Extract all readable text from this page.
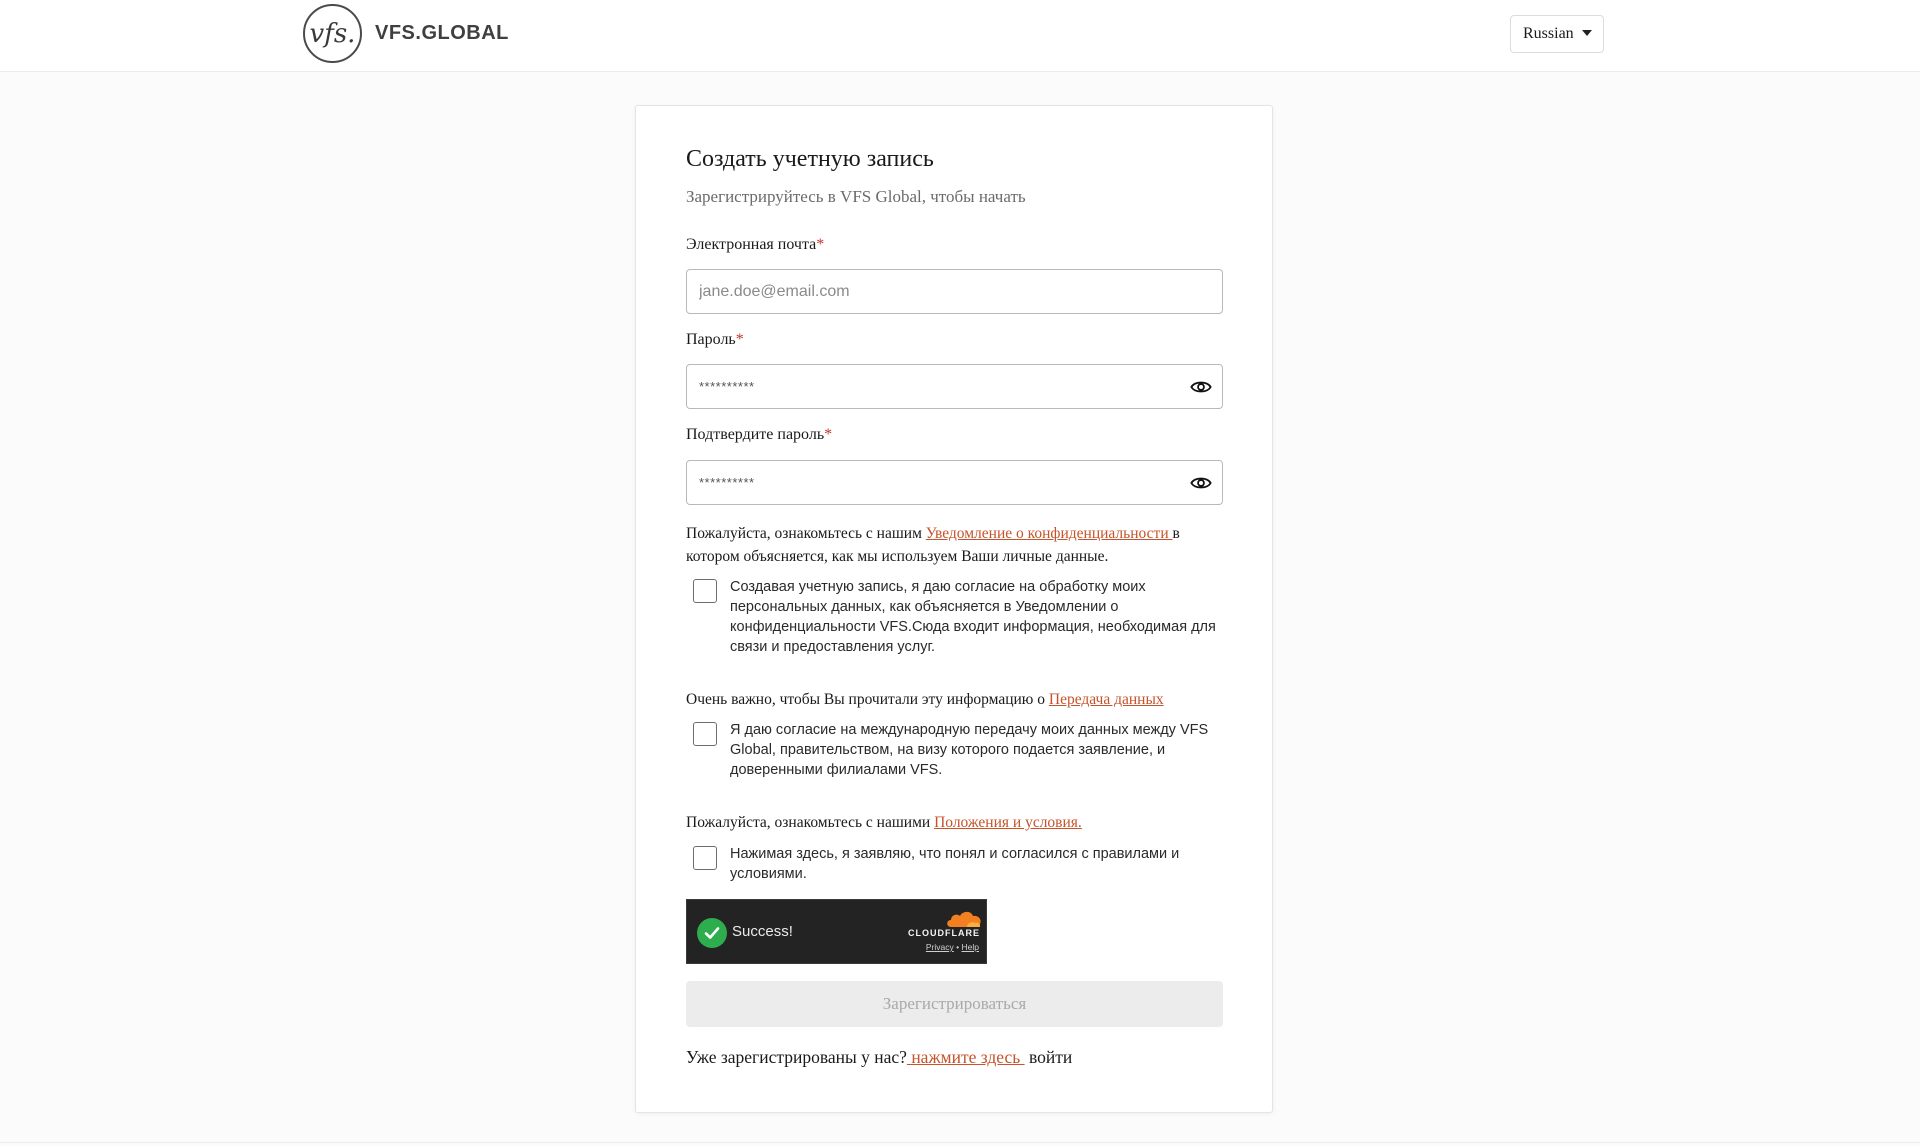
vfs. VFS.GLOBAL	Russian
Создать учетную запись
Зарегистрируйтесь в VFS Global, чтобы начать
Электронная почта*
jane.doe@email.com
Пароль*
Подтвердите пароль*
Пожалуйста, ознакомьтесь с нашим Уведомление о конфиденциальности в котором объясняется, как мы используем Ваши личные данные.
Создавая учетную запись, я даю согласие на обработку моих персональных данных, как объясняется в Уведомлении о конфиденциальности VFS.Сюда входит информация, необходимая для связи и предоставления услуг.
Очень важно, чтобы Вы прочитали эту информацию о Передача данных
Я даю согласие на международную передачу моих данных между VFS Global, правительством, на визу которого подается заявление, и доверенными филиалами VFS.
Пожалуйста, ознакомьтесь с нашими Положения и условия.
Нажимая здесь, я заявляю, что понял и согласился с правилами и условиями.
Success!	CLOUDFLARE
Privacy • Help
Зарегистрироваться
Уже зарегистрированы у нас? нажмите здесь  войти
